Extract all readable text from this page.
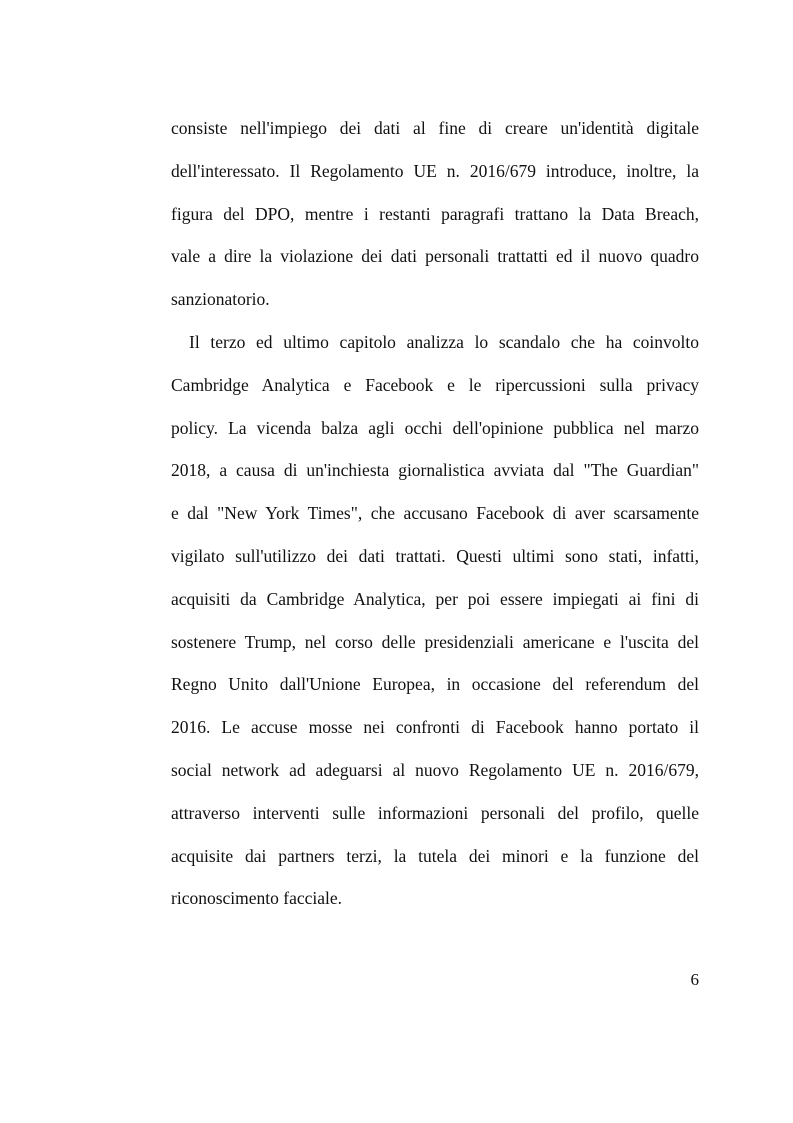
consiste nell'impiego dei dati al fine di creare un'identità digitale
dell'interessato. Il Regolamento UE n. 2016/679 introduce, inoltre, la
figura del DPO, mentre i restanti paragrafi trattano la Data Breach,
vale a dire la violazione dei dati personali trattatti ed il nuovo quadro
sanzionatorio.
Il terzo ed ultimo capitolo analizza lo scandalo che ha coinvolto
Cambridge Analytica e Facebook e le ripercussioni sulla privacy
policy. La vicenda balza agli occhi dell'opinione pubblica nel marzo
2018, a causa di un'inchiesta giornalistica avviata dal "The Guardian"
e dal "New York Times", che accusano Facebook di aver scarsamente
vigilato sull'utilizzo dei dati trattati. Questi ultimi sono stati, infatti,
acquisiti da Cambridge Analytica, per poi essere impiegati ai fini di
sostenere Trump, nel corso delle presidenziali americane e l'uscita del
Regno Unito dall'Unione Europea, in occasione del referendum del
2016. Le accuse mosse nei confronti di Facebook hanno portato il
social network ad adeguarsi al nuovo Regolamento UE n. 2016/679,
attraverso interventi sulle informazioni personali del profilo, quelle
acquisite dai partners terzi, la tutela dei minori e la funzione del
riconoscimento facciale.
6
